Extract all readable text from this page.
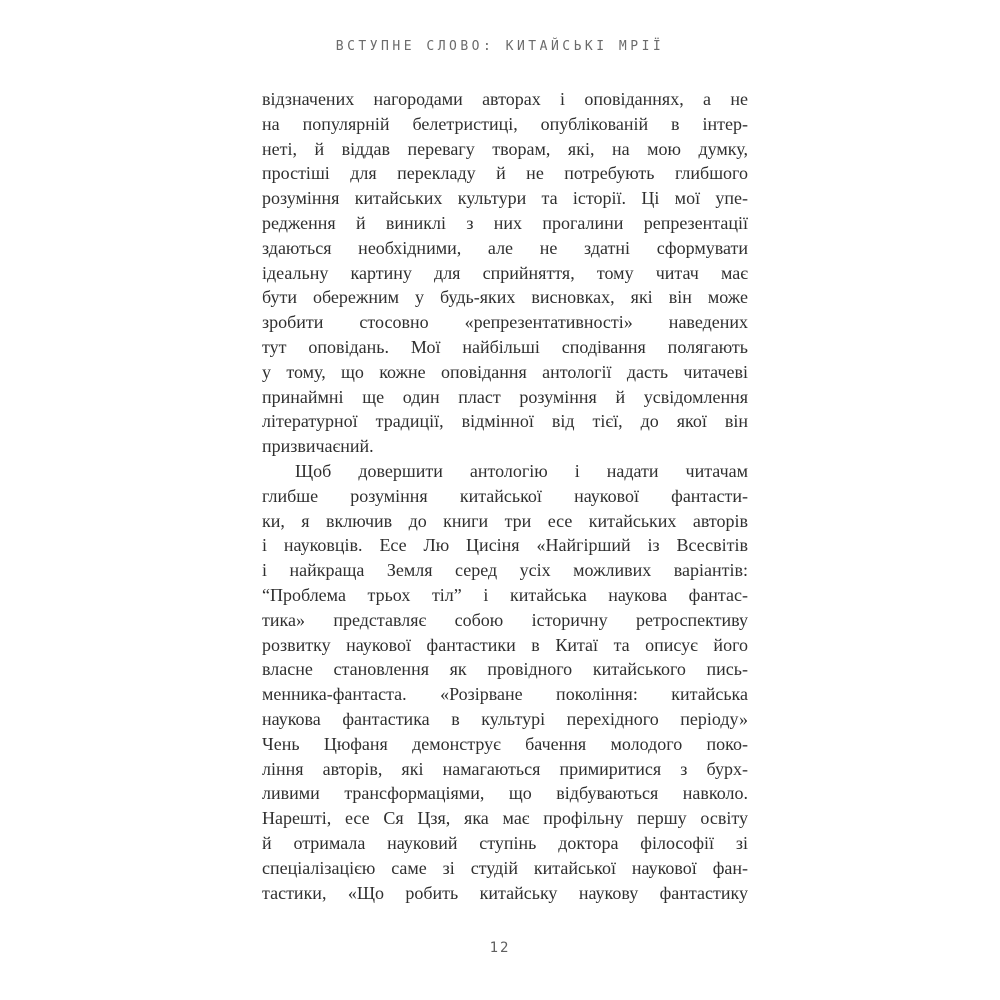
ВСТУПНЕ СЛОВО: КИТАЙСЬКІ МРІЇ
відзначених нагородами авторах і оповіданнях, а не
на популярній белетристиці, опублікованій в інтер-
неті, й віддав перевагу творам, які, на мою думку,
простіші для перекладу й не потребують глибшого
розуміння китайських культури та історії. Ці мої упе-
редження й виниклі з них прогалини репрезентації
здаються необхідними, але не здатні сформувати
ідеальну картину для сприйняття, тому читач має
бути обережним у будь-яких висновках, які він може
зробити стосовно «репрезентативності» наведених
тут оповідань. Мої найбільші сподівання полягають
у тому, що кожне оповідання антології дасть читачеві
принаймні ще один пласт розуміння й усвідомлення
літературної традиції, відмінної від тієї, до якої він
призвичаєний.
Щоб довершити антологію і надати читачам
глибше розуміння китайської наукової фантасти-
ки, я включив до книги три есе китайських авторів
і науковців. Есе Лю Цисіня «Найгірший із Всесвітів
і найкраща Земля серед усіх можливих варіантів:
“Проблема трьох тіл” і китайська наукова фантас-
тика» представляє собою історичну ретроспективу
розвитку наукової фантастики в Китаї та описує його
власне становлення як провідного китайського пись-
менника-фантаста. «Розірване покоління: китайська
наукова фантастика в культурі перехідного періоду»
Чень Цюфаня демонструє бачення молодого поко-
ління авторів, які намагаються примиритися з бурх-
ливими трансформаціями, що відбуваються навколо.
Нарешті, есе Ся Цзя, яка має профільну першу освіту
й отримала науковий ступінь доктора філософії зі
спеціалізацією саме зі студій китайської наукової фан-
тастики, «Що робить китайську наукову фантастику
12
